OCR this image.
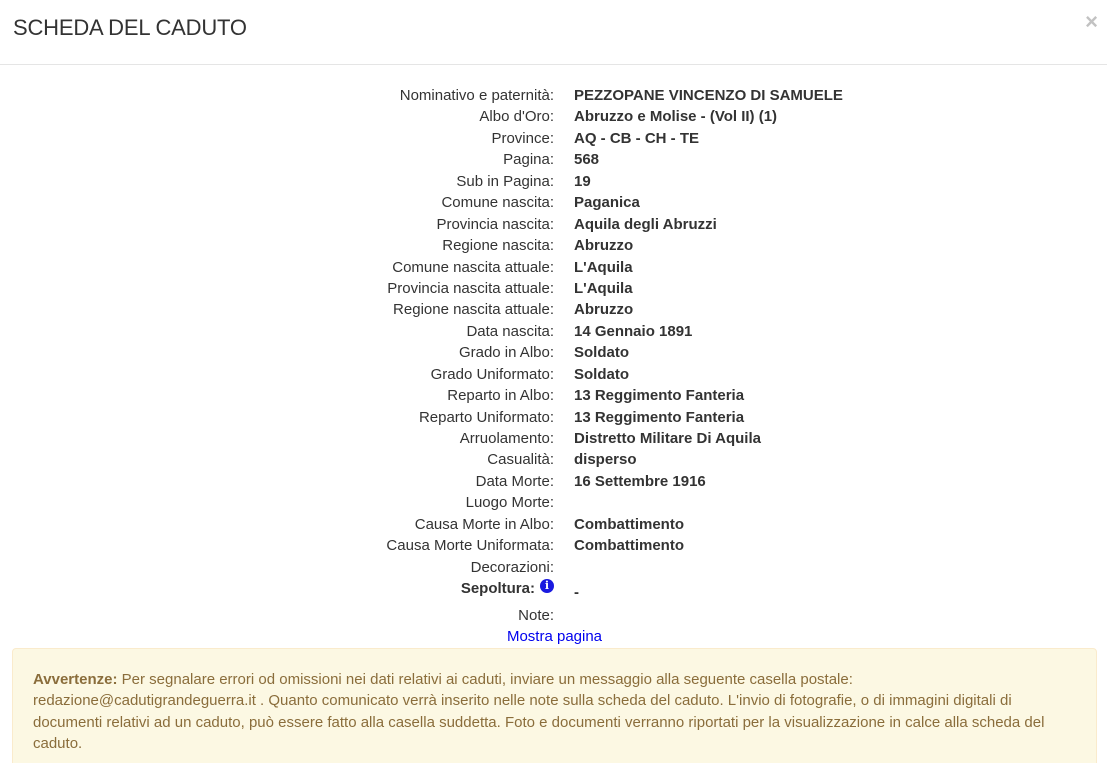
SCHEDA DEL CADUTO	×
Nominativo e paternità: PEZZOPANE VINCENZO DI SAMUELE
Albo d'Oro: Abruzzo e Molise - (Vol II) (1)
Province: AQ - CB - CH - TE
Pagina: 568
Sub in Pagina: 19
Comune nascita: Paganica
Provincia nascita: Aquila degli Abruzzi
Regione nascita: Abruzzo
Comune nascita attuale: L'Aquila
Provincia nascita attuale: L'Aquila
Regione nascita attuale: Abruzzo
Data nascita: 14 Gennaio 1891
Grado in Albo: Soldato
Grado Uniformato: Soldato
Reparto in Albo: 13 Reggimento Fanteria
Reparto Uniformato: 13 Reggimento Fanteria
Arruolamento: Distretto Militare Di Aquila
Casualità: disperso
Data Morte: 16 Settembre 1916
Luogo Morte:
Causa Morte in Albo: Combattimento
Causa Morte Uniformata: Combattimento
Decorazioni:
Sepoltura: i	-
Note:
Mostra pagina
Avvertenze: Per segnalare errori od omissioni nei dati relativi ai caduti, inviare un messaggio alla seguente casella postale: redazione@cadutigrandeguerra.it . Quanto comunicato verrà inserito nelle note sulla scheda del caduto. L'invio di fotografie, o di immagini digitali di documenti relativi ad un caduto, può essere fatto alla casella suddetta. Foto e documenti verranno riportati per la visualizzazione in calce alla scheda del caduto.
